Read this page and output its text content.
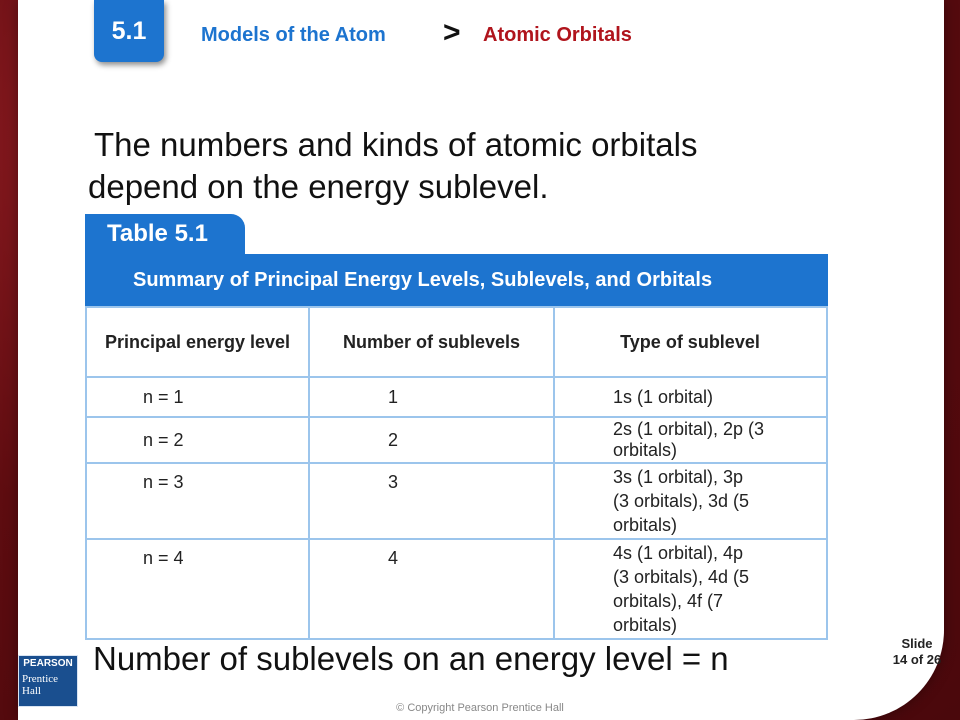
5.1	Models of the Atom > Atomic Orbitals
The numbers and kinds of atomic orbitals depend on the energy sublevel.
Table 5.1
Summary of Principal Energy Levels, Sublevels, and Orbitals
Principal energy level	Number of sublevels	Type of sublevel
n = 1	1	1s (1 orbital)
n = 2	2	2s (1 orbital), 2p (3 orbitals)
n = 3	3	3s (1 orbital), 3p (3 orbitals), 3d (5 orbitals)
n = 4	4	4s (1 orbital), 4p (3 orbitals), 4d (5 orbitals), 4f (7 orbitals)
Number of sublevels on an energy level = n
PEARSON
Prentice
Hall
Slide
14 of 26
© Copyright Pearson Prentice Hall
